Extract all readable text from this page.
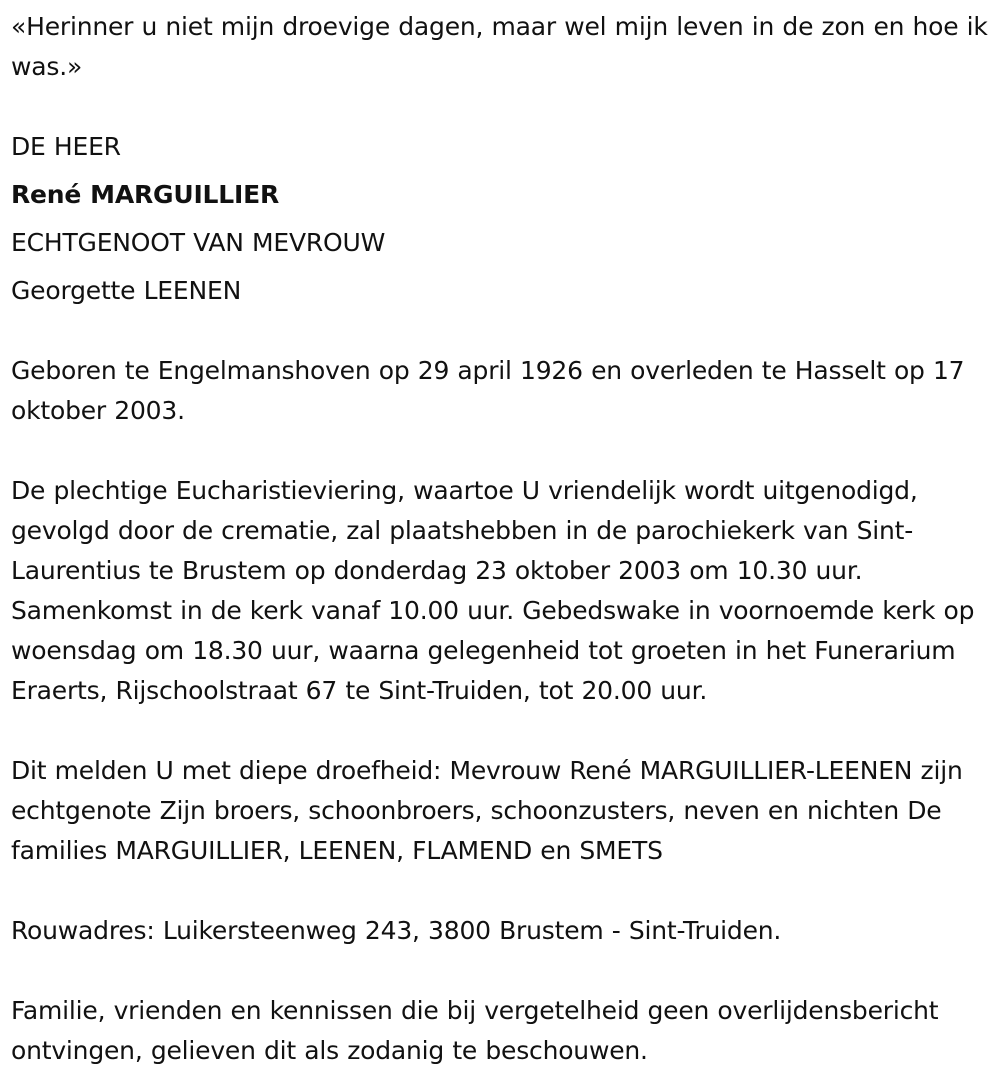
«Herinner u niet mijn droevige dagen, maar wel mijn leven in de zon en hoe ik was.»

DE HEER

René MARGUILLIER

ECHTGENOOT VAN MEVROUW

Georgette LEENEN

Geboren te Engelmanshoven op 29 april 1926 en overleden te Hasselt op 17 oktober 2003.

De plechtige Eucharistieviering, waartoe U vriendelijk wordt uitgenodigd, gevolgd door de crematie, zal plaatshebben in de parochiekerk van Sint-Laurentius te Brustem op donderdag 23 oktober 2003 om 10.30 uur. Samenkomst in de kerk vanaf 10.00 uur. Gebedswake in voornoemde kerk op woensdag om 18.30 uur, waarna gelegenheid tot groeten in het Funerarium Eraerts, Rijschoolstraat 67 te Sint-Truiden, tot 20.00 uur.

Dit melden U met diepe droefheid: Mevrouw René MARGUILLIER-LEENEN zijn echtgenote Zijn broers, schoonbroers, schoonzusters, neven en nichten De families MARGUILLIER, LEENEN, FLAMEND en SMETS

Rouwadres: Luikersteenweg 243, 3800 Brustem - Sint-Truiden.

Familie, vrienden en kennissen die bij vergetelheid geen overlijdensbericht ontvingen, gelieven dit als zodanig te beschouwen.
